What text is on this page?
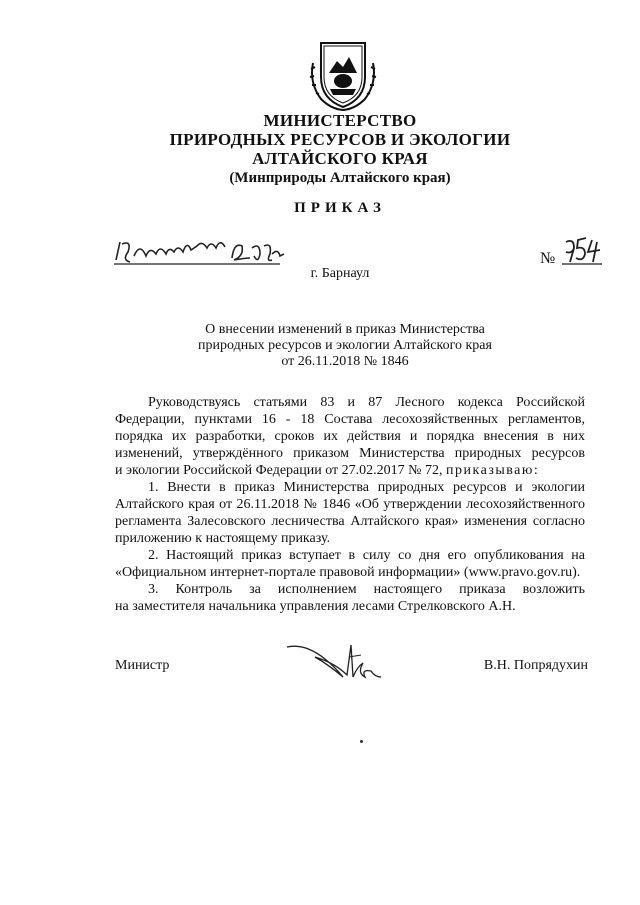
МИНИСТЕРСТВО
ПРИРОДНЫХ РЕСУРСОВ И ЭКОЛОГИИ
АЛТАЙСКОГО КРАЯ
(Минприроды Алтайского края)
ПРИКАЗ
№
г. Барнаул
О внесении изменений в приказ Министерства
природных ресурсов и экологии Алтайского края
от 26.11.2018 № 1846

Руководствуясь статьями 83 и 87 Лесного кодекса Российской

Федерации, пунктами 16 - 18 Состава лесохозяйственных регламентов,

порядка их разработки, сроков их действия и порядка внесения в них

изменений, утверждённого приказом Министерства природных ресурсов

и экологии Российской Федерации от 27.02.2017 № 72, приказываю:

1. Внести в приказ Министерства природных ресурсов и экологии

Алтайского края от 26.11.2018 № 1846 «Об утверждении лесохозяйственного

регламента Залесовского лесничества Алтайского края» изменения согласно

приложению к настоящему приказу.

2. Настоящий приказ вступает в силу со дня его опубликования на

«Официальном интернет-портале правовой информации» (www.pravo.gov.ru).

3. Контроль за исполнением настоящего приказа возложить

на заместителя начальника управления лесами Стрелковского А.Н.

Министр	В.Н. Попрядухин
